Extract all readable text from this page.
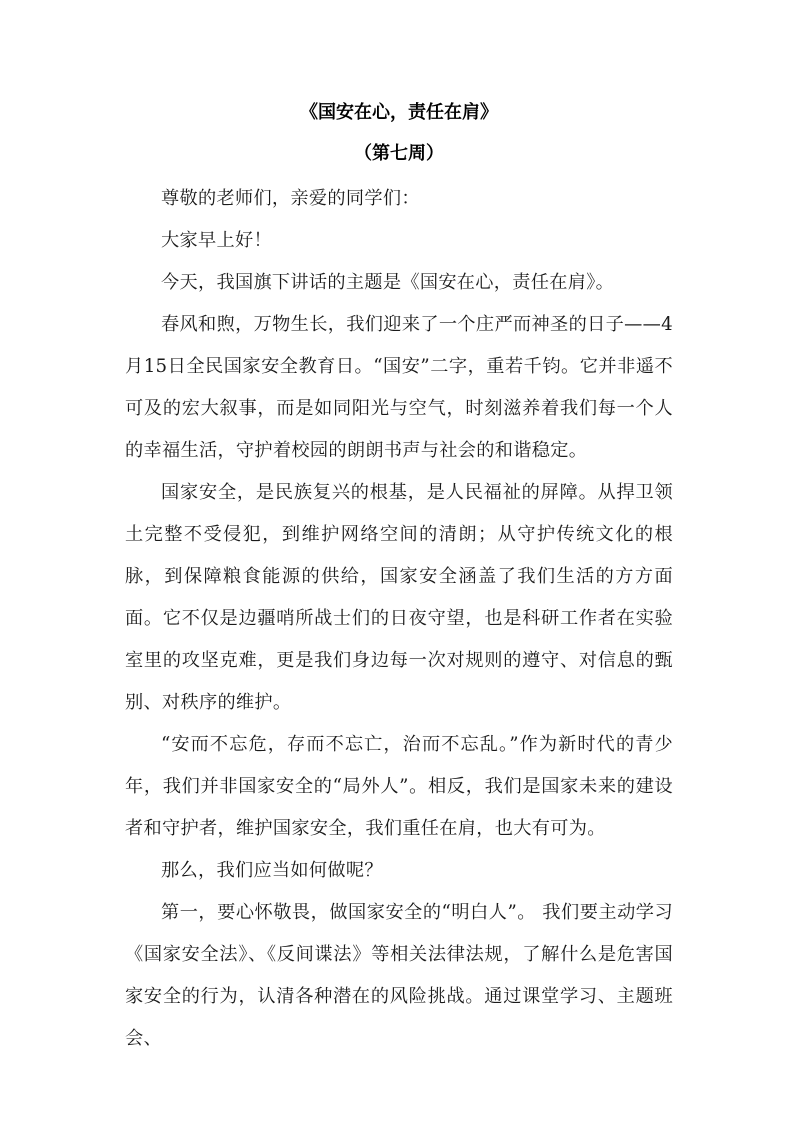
《国安在心，责任在肩》
（第七周）

尊敬的老师们，亲爱的同学们：

大家早上好！

今天，我国旗下讲话的主题是《国安在心，责任在肩》。

春风和煦，万物生长，我们迎来了一个庄严而神圣的日子——4月15日全民国家安全教育日。“国安”二字，重若千钧。它并非遥不可及的宏大叙事，而是如同阳光与空气，时刻滋养着我们每一个人的幸福生活，守护着校园的朗朗书声与社会的和谐稳定。

国家安全，是民族复兴的根基，是人民福祉的屏障。从捍卫领土完整不受侵犯，到维护网络空间的清朗；从守护传统文化的根脉，到保障粮食能源的供给，国家安全涵盖了我们生活的方方面面。它不仅是边疆哨所战士们的日夜守望，也是科研工作者在实验室里的攻坚克难，更是我们身边每一次对规则的遵守、对信息的甄别、对秩序的维护。

“安而不忘危，存而不忘亡，治而不忘乱。”作为新时代的青少年，我们并非国家安全的“局外人”。相反，我们是国家未来的建设者和守护者，维护国家安全，我们重任在肩，也大有可为。

那么，我们应当如何做呢？

第一，要心怀敬畏，做国家安全的“明白人”。 我们要主动学习《国家安全法》、《反间谍法》等相关法律法规，了解什么是危害国家安全的行为，认清各种潜在的风险挑战。通过课堂学习、主题班会、
